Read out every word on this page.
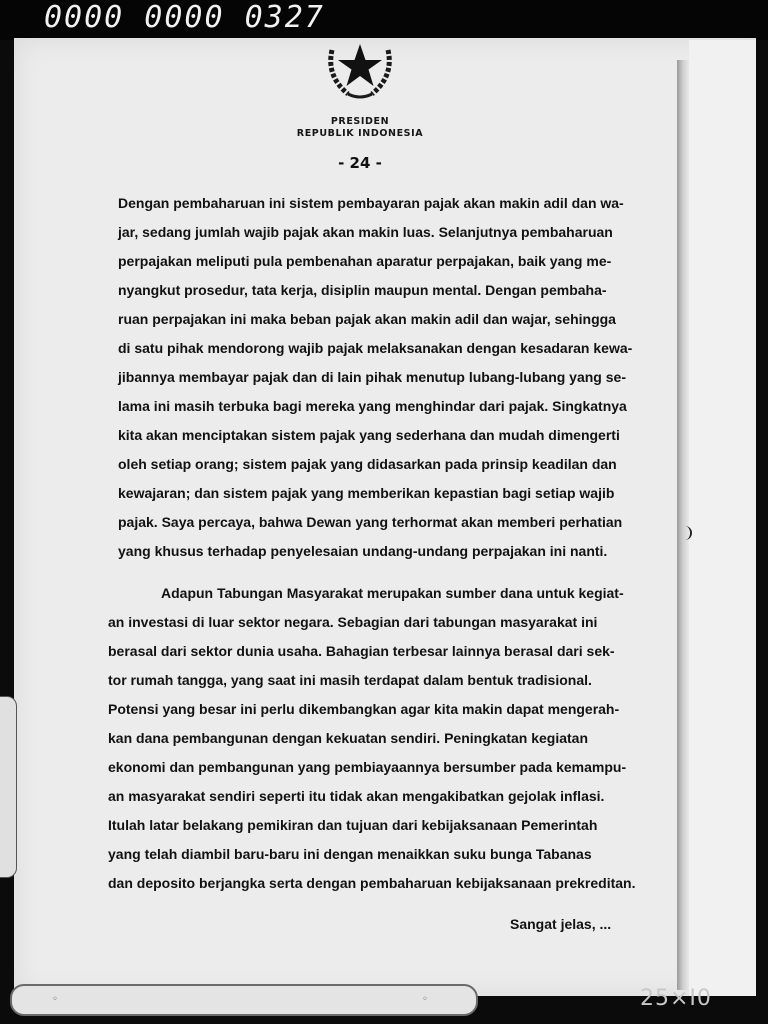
0000 0000 0327
PRESIDEN
REPUBLIK INDONESIA
- 24 -
Dengan pembaharuan ini sistem pembayaran pajak akan makin adil dan wa-
jar, sedang jumlah wajib pajak akan makin luas. Selanjutnya pembaharuan
perpajakan meliputi pula pembenahan aparatur perpajakan, baik yang me-
nyangkut prosedur, tata kerja, disiplin maupun mental. Dengan pembaha-
ruan perpajakan ini maka beban pajak akan makin adil dan wajar, sehingga
di satu pihak mendorong wajib pajak melaksanakan dengan kesadaran kewa-
jibannya membayar pajak dan di lain pihak menutup lubang-lubang yang se-
lama ini masih terbuka bagi mereka yang menghindar dari pajak. Singkatnya
kita akan menciptakan sistem pajak yang sederhana dan mudah dimengerti
oleh setiap orang; sistem pajak yang didasarkan pada prinsip keadilan dan
kewajaran; dan sistem pajak yang memberikan kepastian bagi setiap wajib
pajak. Saya percaya, bahwa Dewan yang terhormat akan memberi perhatian
yang khusus terhadap penyelesaian undang-undang perpajakan ini nanti.
Adapun Tabungan Masyarakat merupakan sumber dana untuk kegiat-
an investasi di luar sektor negara. Sebagian dari tabungan masyarakat ini
berasal dari sektor dunia usaha. Bahagian terbesar lainnya berasal dari sek-
tor rumah tangga, yang saat ini masih terdapat dalam bentuk tradisional.
Potensi yang besar ini perlu dikembangkan agar kita makin dapat mengerah-
kan dana pembangunan dengan kekuatan sendiri. Peningkatan kegiatan
ekonomi dan pembangunan yang pembiayaannya bersumber pada kemampu-
an masyarakat sendiri seperti itu tidak akan mengakibatkan gejolak inflasi.
Itulah latar belakang pemikiran dan tujuan dari kebijaksanaan Pemerintah
yang telah diambil baru-baru ini dengan menaikkan suku bunga Tabanas
dan deposito berjangka serta dengan pembaharuan kebijaksanaan prekreditan.
Sangat jelas, ...
◦	◦	25×I0
